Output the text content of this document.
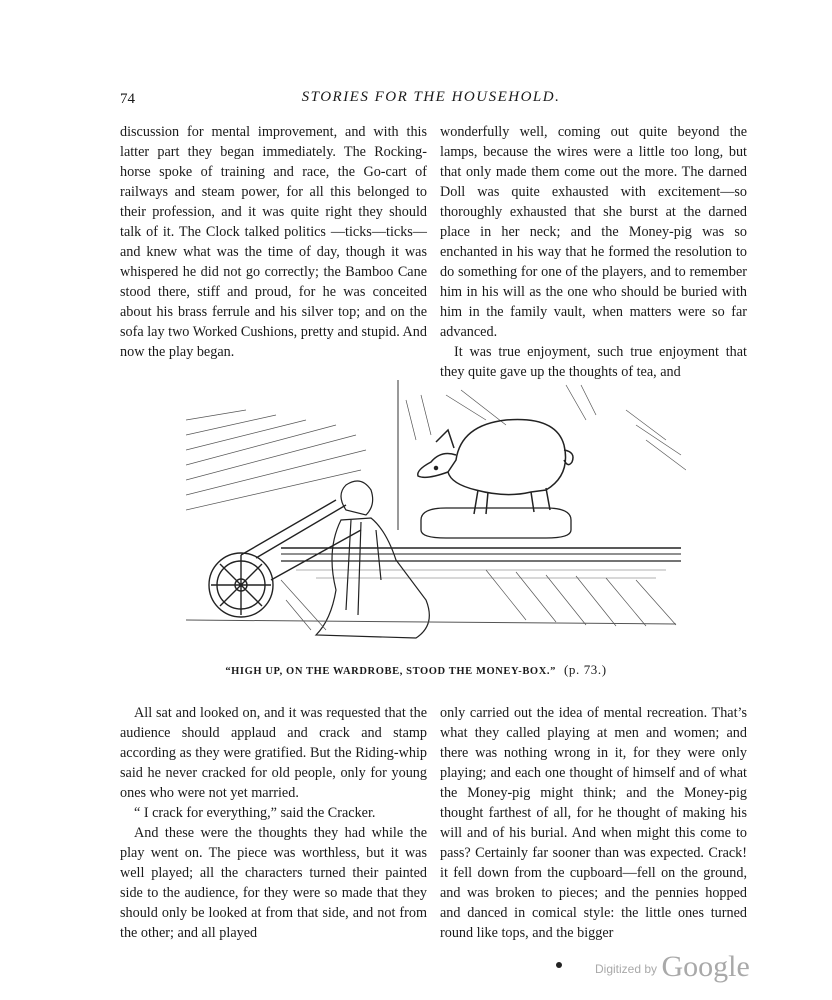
74	STORIES FOR THE HOUSEHOLD.

discussion for mental improvement, and with this latter part they began immediately. The Rocking-horse spoke of training and race, the Go-cart of railways and steam power, for all this belonged to their profession, and it was quite right they should talk of it. The Clock talked politics —ticks—ticks—and knew what was the time of day, though it was whispered he did not go correctly; the Bamboo Cane stood there, stiff and proud, for he was conceited about his brass ferrule and his silver top; and on the sofa lay two Worked Cushions, pretty and stupid. And now the play began.

wonderfully well, coming out quite beyond the lamps, because the wires were a little too long, but that only made them come out the more. The darned Doll was quite exhausted with excitement—so thoroughly exhausted that she burst at the darned place in her neck; and the Money-pig was so enchanted in his way that he formed the resolution to do something for one of the players, and to remember him in his will as the one who should be buried with him in the family vault, when matters were so far advanced.

It was true enjoyment, such true enjoyment that they quite gave up the thoughts of tea, and

“HIGH UP, ON THE WARDROBE, STOOD THE MONEY-BOX.” (p. 73.)

All sat and looked on, and it was requested that the audience should applaud and crack and stamp according as they were gratified. But the Riding-whip said he never cracked for old people, only for young ones who were not yet married.

“ I crack for everything,” said the Cracker.

And these were the thoughts they had while the play went on. The piece was worthless, but it was well played; all the characters turned their painted side to the audience, for they were so made that they should only be looked at from that side, and not from the other; and all played

only carried out the idea of mental recreation. That’s what they called playing at men and women; and there was nothing wrong in it, for they were only playing; and each one thought of himself and of what the Money-pig might think; and the Money-pig thought farthest of all, for he thought of making his will and of his burial. And when might this come to pass? Certainly far sooner than was expected. Crack! it fell down from the cupboard—fell on the ground, and was broken to pieces; and the pennies hopped and danced in comical style: the little ones turned round like tops, and the bigger

Digitized by Google
